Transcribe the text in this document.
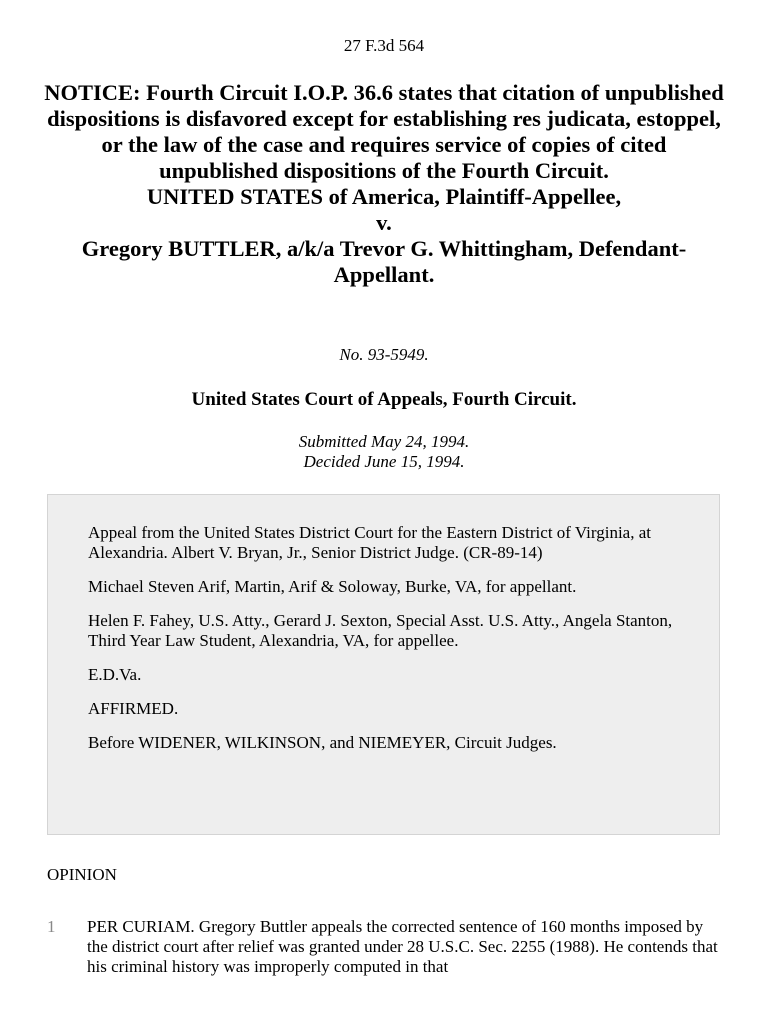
27 F.3d 564
NOTICE: Fourth Circuit I.O.P. 36.6 states that citation of unpublished dispositions is disfavored except for establishing res judicata, estoppel, or the law of the case and requires service of copies of cited unpublished dispositions of the Fourth Circuit.
UNITED STATES of America, Plaintiff-Appellee,
v.
Gregory BUTTLER, a/k/a Trevor G. Whittingham, Defendant-Appellant.
No. 93-5949.
United States Court of Appeals, Fourth Circuit.
Submitted May 24, 1994.
Decided June 15, 1994.

Appeal from the United States District Court for the Eastern District of Virginia, at Alexandria. Albert V. Bryan, Jr., Senior District Judge. (CR-89-14)

Michael Steven Arif, Martin, Arif & Soloway, Burke, VA, for appellant.

Helen F. Fahey, U.S. Atty., Gerard J. Sexton, Special Asst. U.S. Atty., Angela Stanton, Third Year Law Student, Alexandria, VA, for appellee.

E.D.Va.

AFFIRMED.

Before WIDENER, WILKINSON, and NIEMEYER, Circuit Judges.

OPINION
1 PER CURIAM. Gregory Buttler appeals the corrected sentence of 160 months imposed by the district court after relief was granted under 28 U.S.C. Sec. 2255 (1988). He contends that his criminal history was improperly computed in that
